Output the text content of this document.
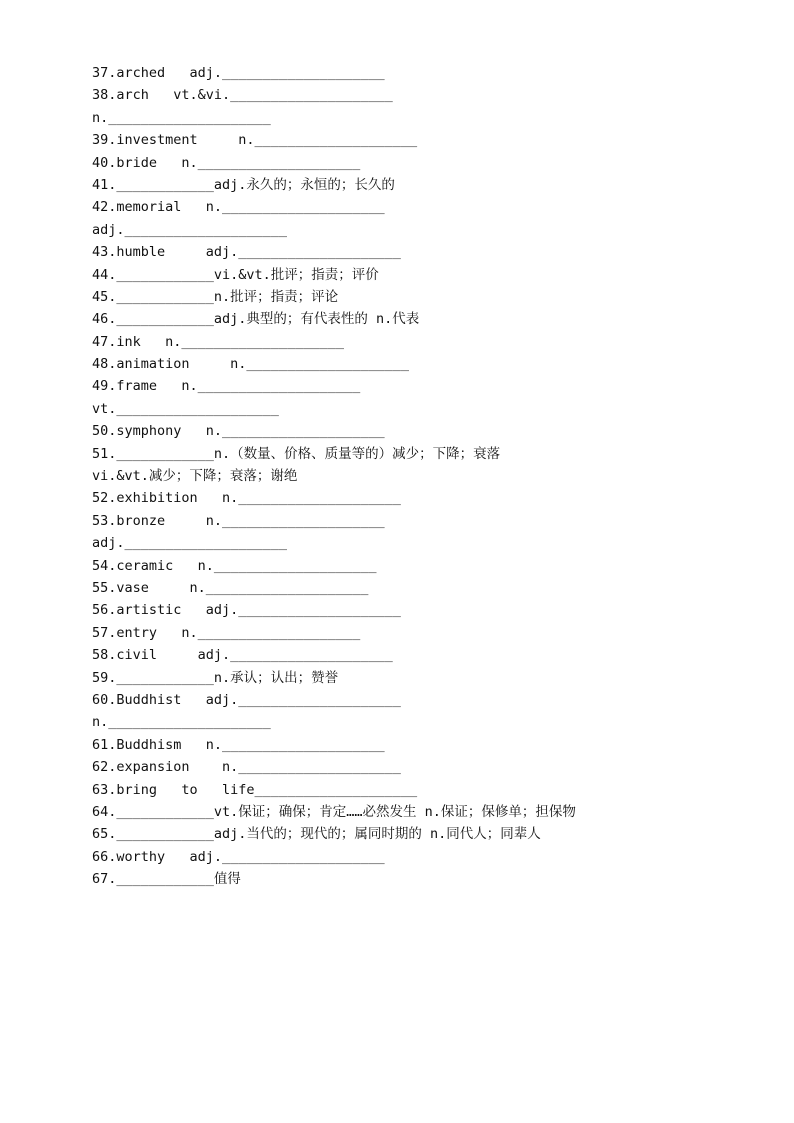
37.arched   adj.____________________
38.arch   vt.&vi.____________________
n.____________________
39.investment     n.____________________
40.bride   n.____________________
41.____________adj.永久的；永恒的；长久的
42.memorial   n.____________________
adj.____________________
43.humble     adj.____________________
44.____________vi.&vt.批评；指责；评价
45.____________n.批评；指责；评论
46.____________adj.典型的；有代表性的 n.代表
47.ink   n.____________________
48.animation     n.____________________
49.frame   n.____________________
vt.____________________
50.symphony   n.____________________
51.____________n.（数量、价格、质量等的）减少；下降；衰落
vi.&vt.减少；下降；衰落；谢绝
52.exhibition   n.____________________
53.bronze     n.____________________
adj.____________________
54.ceramic   n.____________________
55.vase     n.____________________
56.artistic   adj.____________________
57.entry   n.____________________
58.civil     adj.____________________
59.____________n.承认；认出；赞誉
60.Buddhist   adj.____________________
n.____________________
61.Buddhism   n.____________________
62.expansion    n.____________________
63.bring   to   life____________________
64.____________vt.保证；确保；肯定……必然发生 n.保证；保修单；担保物
65.____________adj.当代的；现代的；属同时期的 n.同代人；同辈人
66.worthy   adj.____________________
67.____________值得
